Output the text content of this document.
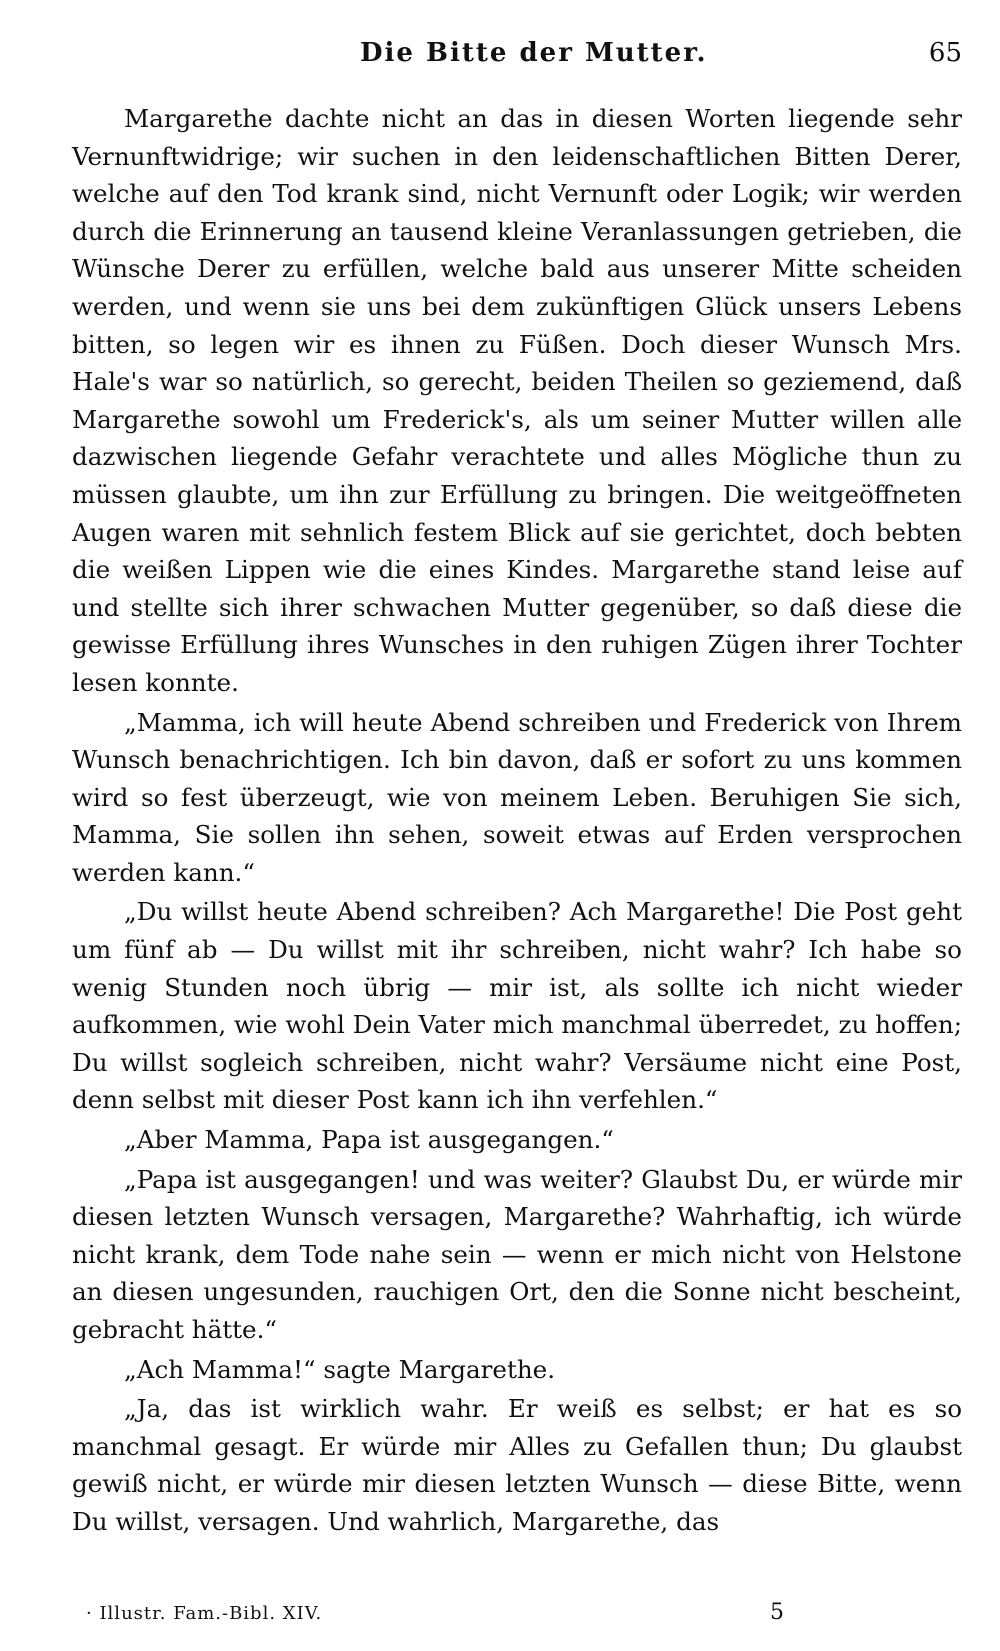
Die Bitte der Mutter.	65

Margarethe dachte nicht an das in diesen Worten liegende sehr Vernunftwidrige; wir suchen in den leidenschaftlichen Bitten Derer, welche auf den Tod krank sind, nicht Vernunft oder Logik; wir werden durch die Erinnerung an tausend kleine Veranlassungen getrieben, die Wünsche Derer zu erfüllen, welche bald aus unserer Mitte scheiden werden, und wenn sie uns bei dem zukünftigen Glück unsers Lebens bitten, so legen wir es ihnen zu Füßen. Doch dieser Wunsch Mrs. Hale's war so natürlich, so gerecht, beiden Theilen so geziemend, daß Margarethe sowohl um Frederick's, als um seiner Mutter willen alle dazwischen liegende Gefahr verachtete und alles Mögliche thun zu müssen glaubte, um ihn zur Erfüllung zu bringen. Die weitgeöffneten Augen waren mit sehnlich festem Blick auf sie gerichtet, doch bebten die weißen Lippen wie die eines Kindes. Margarethe stand leise auf und stellte sich ihrer schwachen Mutter gegenüber, so daß diese die gewisse Erfüllung ihres Wunsches in den ruhigen Zügen ihrer Tochter lesen konnte.

„Mamma, ich will heute Abend schreiben und Frederick von Ihrem Wunsch benachrichtigen. Ich bin davon, daß er sofort zu uns kommen wird so fest überzeugt, wie von meinem Leben. Beruhigen Sie sich, Mamma, Sie sollen ihn sehen, soweit etwas auf Erden versprochen werden kann.“

„Du willst heute Abend schreiben? Ach Margarethe! Die Post geht um fünf ab — Du willst mit ihr schreiben, nicht wahr? Ich habe so wenig Stunden noch übrig — mir ist, als sollte ich nicht wieder aufkommen, wie wohl Dein Vater mich manchmal überredet, zu hoffen; Du willst sogleich schreiben, nicht wahr? Versäume nicht eine Post, denn selbst mit dieser Post kann ich ihn verfehlen.“

„Aber Mamma, Papa ist ausgegangen.“

„Papa ist ausgegangen! und was weiter? Glaubst Du, er würde mir diesen letzten Wunsch versagen, Margarethe? Wahrhaftig, ich würde nicht krank, dem Tode nahe sein — wenn er mich nicht von Helstone an diesen ungesunden, rauchigen Ort, den die Sonne nicht bescheint, gebracht hätte.“

„Ach Mamma!“ sagte Margarethe.

„Ja, das ist wirklich wahr. Er weiß es selbst; er hat es so manchmal gesagt. Er würde mir Alles zu Gefallen thun; Du glaubst gewiß nicht, er würde mir diesen letzten Wunsch — diese Bitte, wenn Du willst, versagen. Und wahrlich, Margarethe, das

· Illustr. Fam.-Bibl. XIV.	5
